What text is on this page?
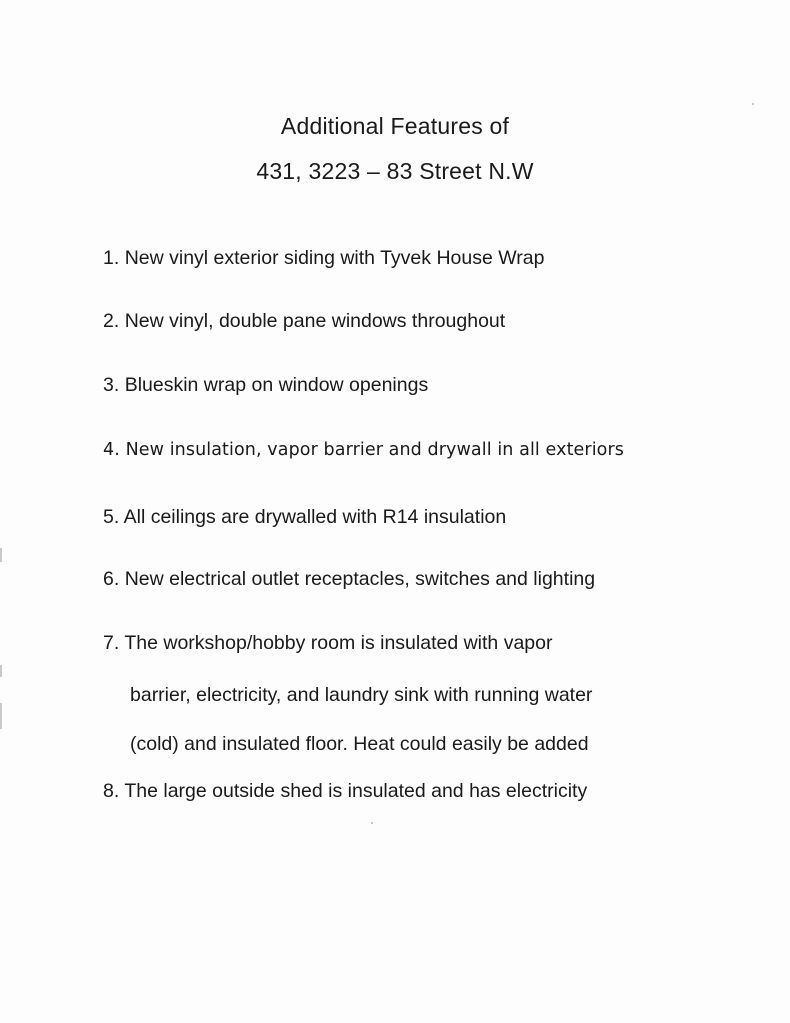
Additional Features of
431, 3223 – 83 Street N.W
1. New vinyl exterior siding with Tyvek House Wrap
2. New vinyl, double pane windows throughout
3. Blueskin wrap on window openings
4. New insulation, vapor barrier and drywall in all exteriors
5. All ceilings are drywalled with R14 insulation
6. New electrical outlet receptacles, switches and lighting
7. The workshop/hobby room is insulated with vapor
barrier, electricity, and laundry sink with running water
(cold) and insulated floor. Heat could easily be added
8. The large outside shed is insulated and has electricity
